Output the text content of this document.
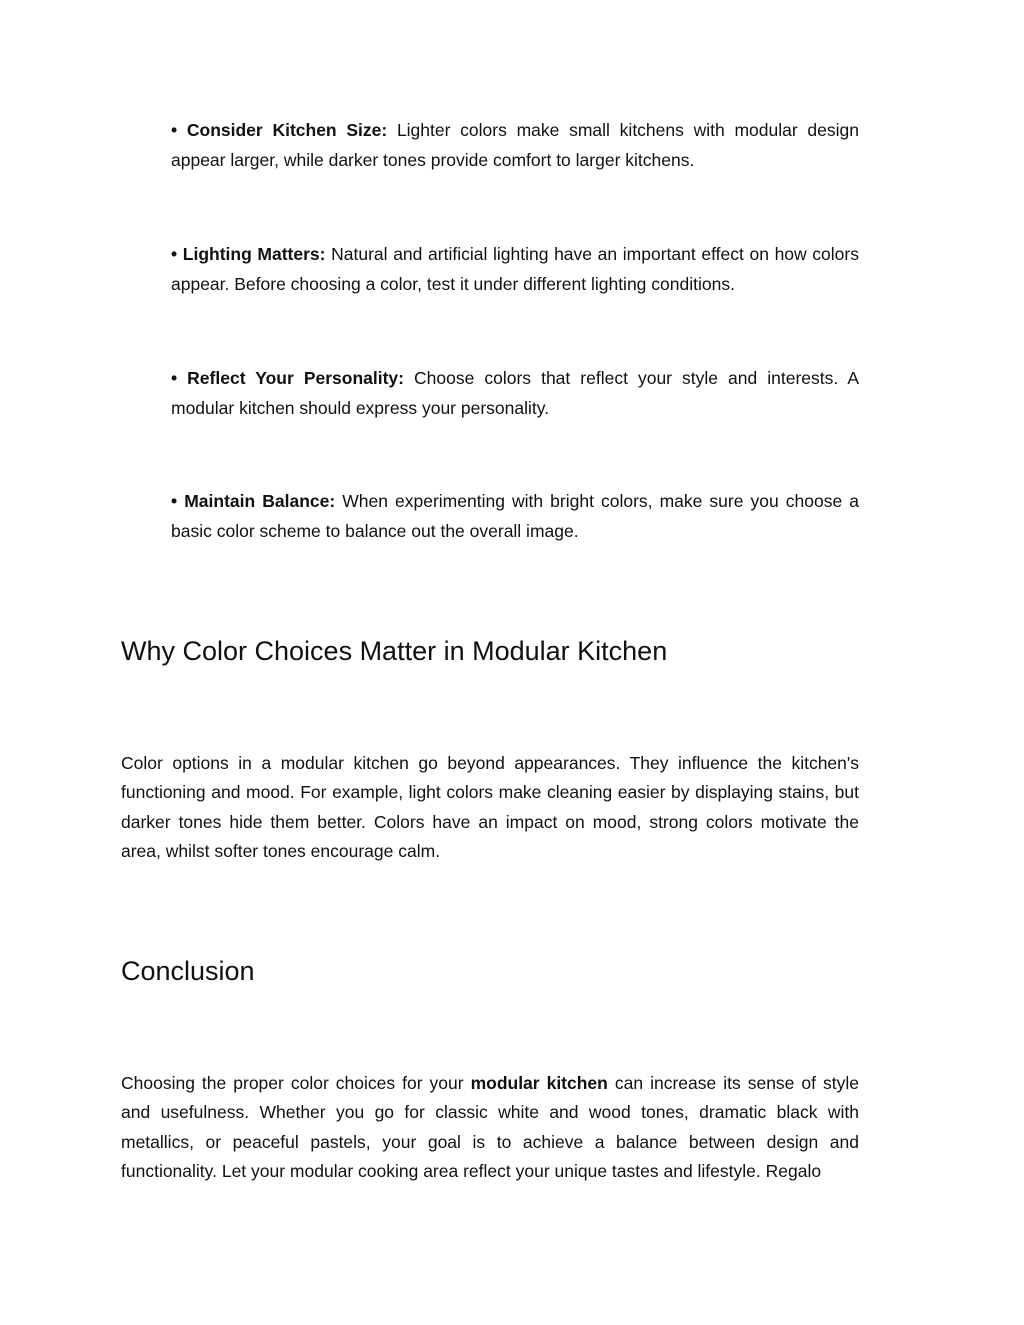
• Consider Kitchen Size: Lighter colors make small kitchens with modular design appear larger, while darker tones provide comfort to larger kitchens.

• Lighting Matters: Natural and artificial lighting have an important effect on how colors appear. Before choosing a color, test it under different lighting conditions.

• Reflect Your Personality: Choose colors that reflect your style and interests. A modular kitchen should express your personality.

• Maintain Balance: When experimenting with bright colors, make sure you choose a basic color scheme to balance out the overall image.

Why Color Choices Matter in Modular Kitchen

Color options in a modular kitchen go beyond appearances. They influence the kitchen's functioning and mood. For example, light colors make cleaning easier by displaying stains, but darker tones hide them better. Colors have an impact on mood, strong colors motivate the area, whilst softer tones encourage calm.

Conclusion

Choosing the proper color choices for your modular kitchen can increase its sense of style and usefulness. Whether you go for classic white and wood tones, dramatic black with metallics, or peaceful pastels, your goal is to achieve a balance between design and functionality. Let your modular cooking area reflect your unique tastes and lifestyle. Regalo
